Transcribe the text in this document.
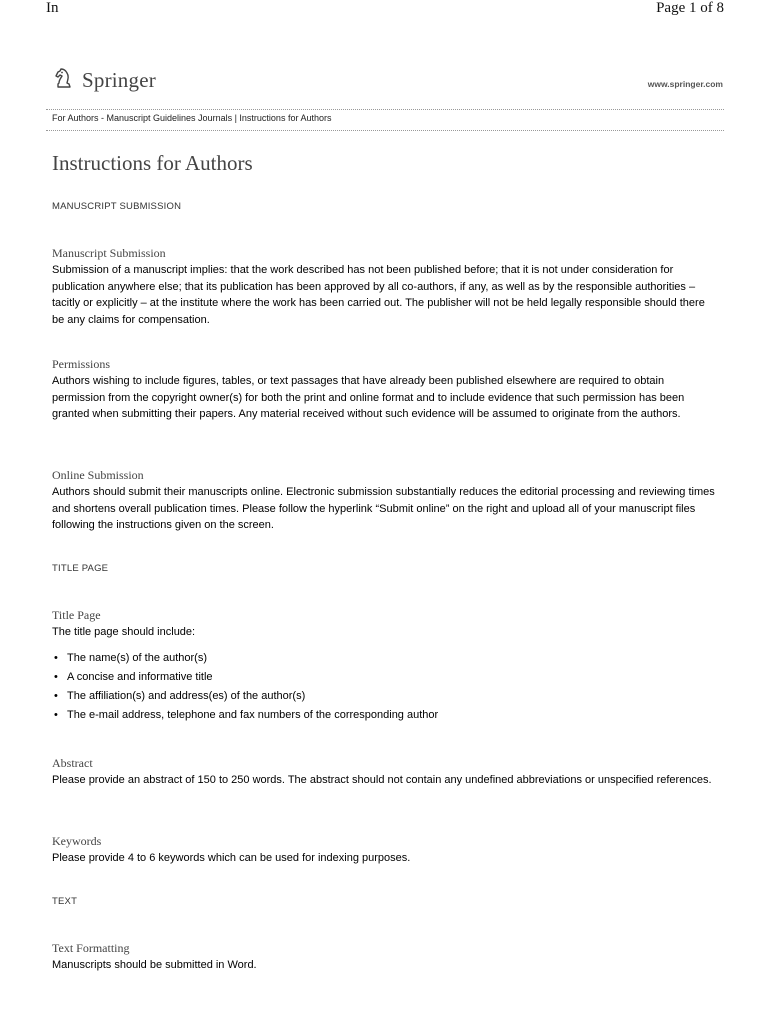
In	Page 1 of 8
Springer	www.springer.com
For Authors - Manuscript Guidelines Journals | Instructions for Authors
Instructions for Authors
MANUSCRIPT SUBMISSION
Manuscript Submission

Submission of a manuscript implies: that the work described has not been published before; that it is not under consideration for publication anywhere else; that its publication has been approved by all co-authors, if any, as well as by the responsible authorities – tacitly or explicitly – at the institute where the work has been carried out. The publisher will not be held legally responsible should there be any claims for compensation.

Permissions

Authors wishing to include figures, tables, or text passages that have already been published elsewhere are required to obtain permission from the copyright owner(s) for both the print and online format and to include evidence that such permission has been granted when submitting their papers. Any material received without such evidence will be assumed to originate from the authors.

Online Submission

Authors should submit their manuscripts online. Electronic submission substantially reduces the editorial processing and reviewing times and shortens overall publication times. Please follow the hyperlink “Submit online” on the right and upload all of your manuscript files following the instructions given on the screen.

TITLE PAGE
Title Page

The title page should include:

• The name(s) of the author(s)
• A concise and informative title
• The affiliation(s) and address(es) of the author(s)
• The e-mail address, telephone and fax numbers of the corresponding author
Abstract

Please provide an abstract of 150 to 250 words. The abstract should not contain any undefined abbreviations or unspecified references.

Keywords

Please provide 4 to 6 keywords which can be used for indexing purposes.

TEXT
Text Formatting

Manuscripts should be submitted in Word.
